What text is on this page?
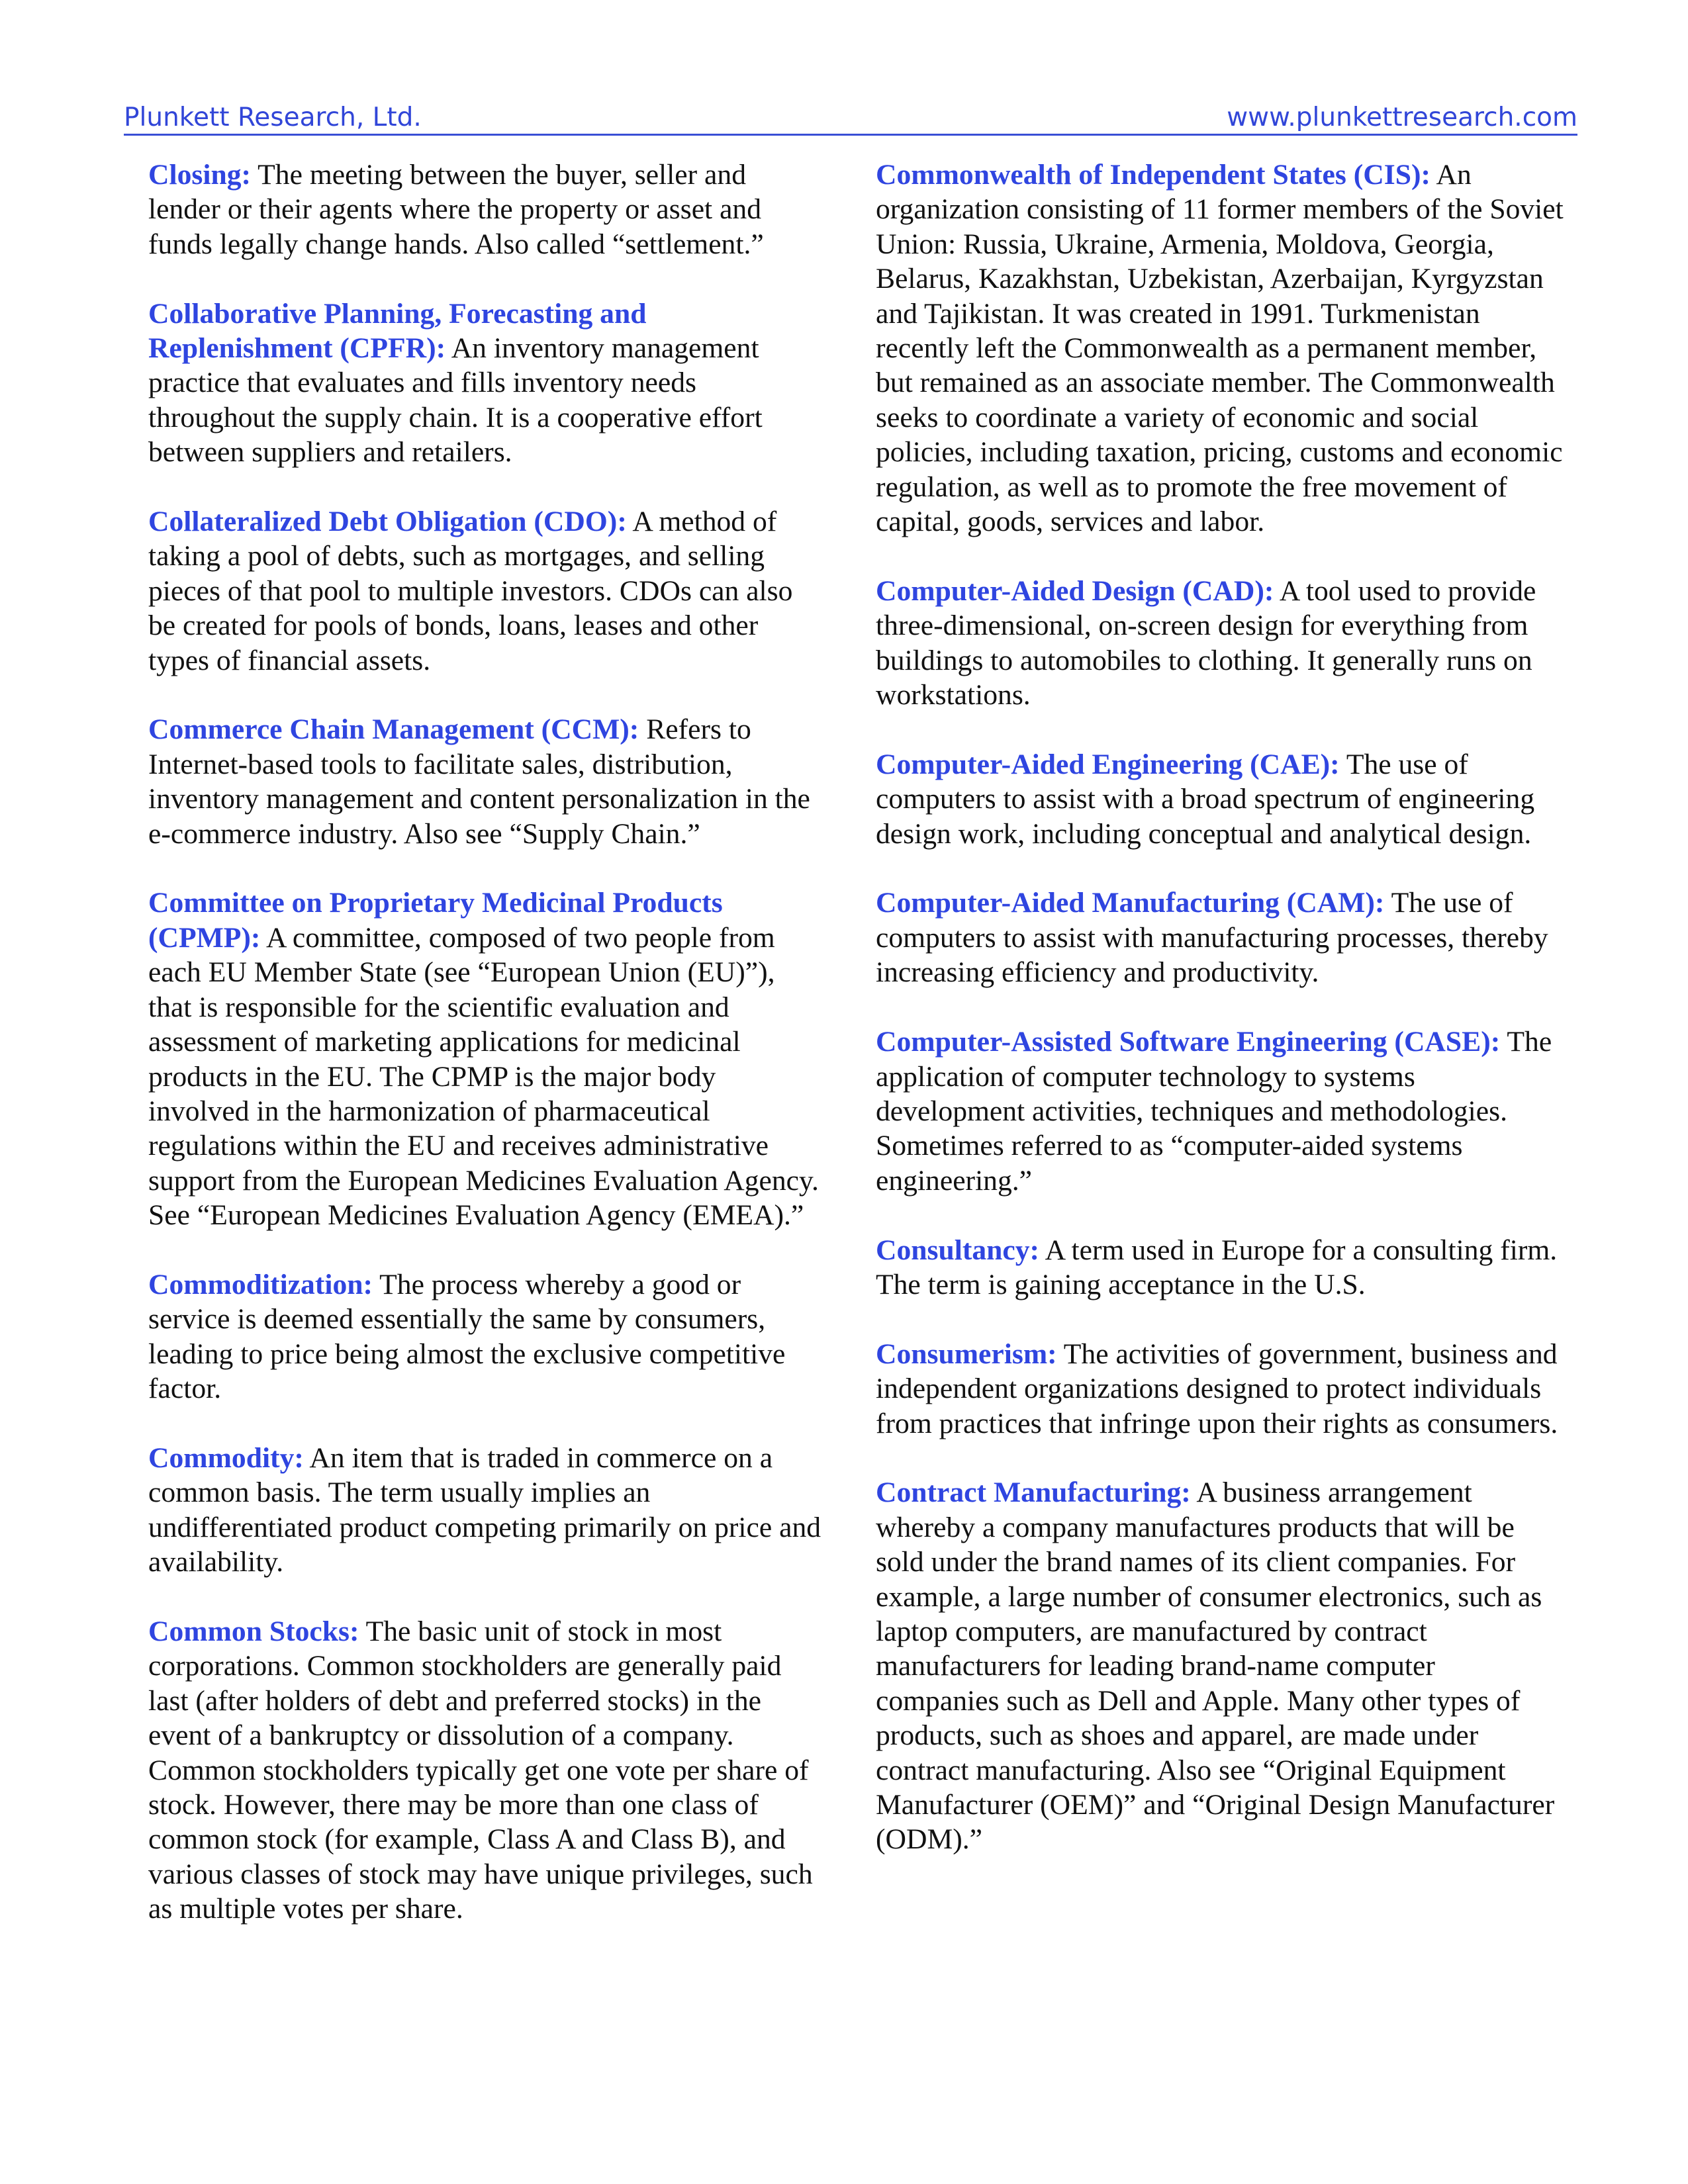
Plunkett Research, Ltd.	www.plunkettresearch.com

Closing: The meeting between the buyer, seller and lender or their agents where the property or asset and funds legally change hands. Also called “settlement.”

Collaborative Planning, Forecasting and Replenishment (CPFR): An inventory management practice that evaluates and fills inventory needs throughout the supply chain. It is a cooperative effort between suppliers and retailers.

Collateralized Debt Obligation (CDO): A method of taking a pool of debts, such as mortgages, and selling pieces of that pool to multiple investors. CDOs can also be created for pools of bonds, loans, leases and other types of financial assets.

Commerce Chain Management (CCM): Refers to Internet-based tools to facilitate sales, distribution, inventory management and content personalization in the e-commerce industry. Also see “Supply Chain.”

Committee on Proprietary Medicinal Products (CPMP): A committee, composed of two people from each EU Member State (see “European Union (EU)”), that is responsible for the scientific evaluation and assessment of marketing applications for medicinal products in the EU. The CPMP is the major body involved in the harmonization of pharmaceutical regulations within the EU and receives administrative support from the European Medicines Evaluation Agency. See “European Medicines Evaluation Agency (EMEA).”

Commoditization: The process whereby a good or service is deemed essentially the same by consumers, leading to price being almost the exclusive competitive factor.

Commodity: An item that is traded in commerce on a common basis. The term usually implies an undifferentiated product competing primarily on price and availability.

Common Stocks: The basic unit of stock in most corporations. Common stockholders are generally paid last (after holders of debt and preferred stocks) in the event of a bankruptcy or dissolution of a company. Common stockholders typically get one vote per share of stock. However, there may be more than one class of common stock (for example, Class A and Class B), and various classes of stock may have unique privileges, such as multiple votes per share.

Commonwealth of Independent States (CIS): An organization consisting of 11 former members of the Soviet Union: Russia, Ukraine, Armenia, Moldova, Georgia, Belarus, Kazakhstan, Uzbekistan, Azerbaijan, Kyrgyzstan and Tajikistan. It was created in 1991. Turkmenistan recently left the Commonwealth as a permanent member, but remained as an associate member. The Commonwealth seeks to coordinate a variety of economic and social policies, including taxation, pricing, customs and economic regulation, as well as to promote the free movement of capital, goods, services and labor.

Computer-Aided Design (CAD): A tool used to provide three-dimensional, on-screen design for everything from buildings to automobiles to clothing. It generally runs on workstations.

Computer-Aided Engineering (CAE): The use of computers to assist with a broad spectrum of engineering design work, including conceptual and analytical design.

Computer-Aided Manufacturing (CAM): The use of computers to assist with manufacturing processes, thereby increasing efficiency and productivity.

Computer-Assisted Software Engineering (CASE): The application of computer technology to systems development activities, techniques and methodologies. Sometimes referred to as “computer-aided systems engineering.”

Consultancy: A term used in Europe for a consulting firm. The term is gaining acceptance in the U.S.

Consumerism: The activities of government, business and independent organizations designed to protect individuals from practices that infringe upon their rights as consumers.

Contract Manufacturing: A business arrangement whereby a company manufactures products that will be sold under the brand names of its client companies. For example, a large number of consumer electronics, such as laptop computers, are manufactured by contract manufacturers for leading brand-name computer companies such as Dell and Apple. Many other types of products, such as shoes and apparel, are made under contract manufacturing. Also see “Original Equipment Manufacturer (OEM)” and “Original Design Manufacturer (ODM).”
